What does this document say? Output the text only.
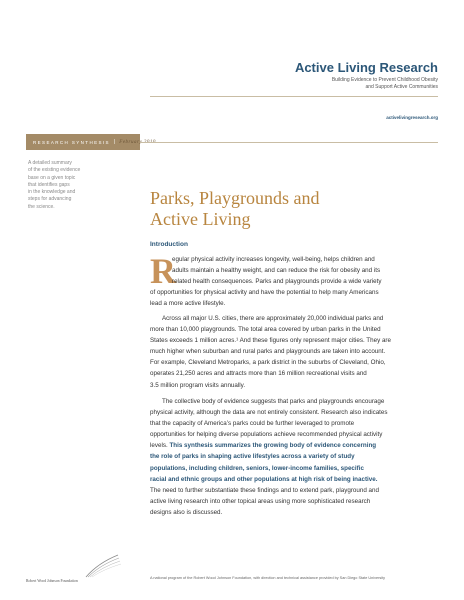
Active Living Research
Building Evidence to Prevent Childhood Obesity
and Support Active Communities
activelivingresearch.org
RESEARCH SYNTHESIS | February 2010
A detailed summary
of the existing evidence
base on a given topic
that identifies gaps
in the knowledge and
steps for advancing
the science.	Parks, Playgrounds and
Active Living
Introduction
R
egular physical activity increases longevity, well-being, helps children and
adults maintain a healthy weight, and can reduce the risk for obesity and its
related health consequences. Parks and playgrounds provide a wide variety
of opportunities for physical activity and have the potential to help many Americans
lead a more active lifestyle.
Across all major U.S. cities, there are approximately 20,000 individual parks and
more than 10,000 playgrounds. The total area covered by urban parks in the United
States exceeds 1 million acres.¹ And these figures only represent major cities. They are
much higher when suburban and rural parks and playgrounds are taken into account.
For example, Cleveland Metroparks, a park district in the suburbs of Cleveland, Ohio,
operates 21,250 acres and attracts more than 16 million recreational visits and
3.5 million program visits annually.
The collective body of evidence suggests that parks and playgrounds encourage
physical activity, although the data are not entirely consistent. Research also indicates
that the capacity of America’s parks could be further leveraged to promote
opportunities for helping diverse populations achieve recommended physical activity
levels. This synthesis summarizes the growing body of evidence concerning
the role of parks in shaping active lifestyles across a variety of study
populations, including children, seniors, lower-income families, specific
racial and ethnic groups and other populations at high risk of being inactive.
The need to further substantiate these findings and to extend park, playground and
active living research into other topical areas using more sophisticated research
designs also is discussed.
Robert Wood Johnson Foundation
A national program of the Robert Wood Johnson Foundation, with direction and technical assistance provided by San Diego State University
